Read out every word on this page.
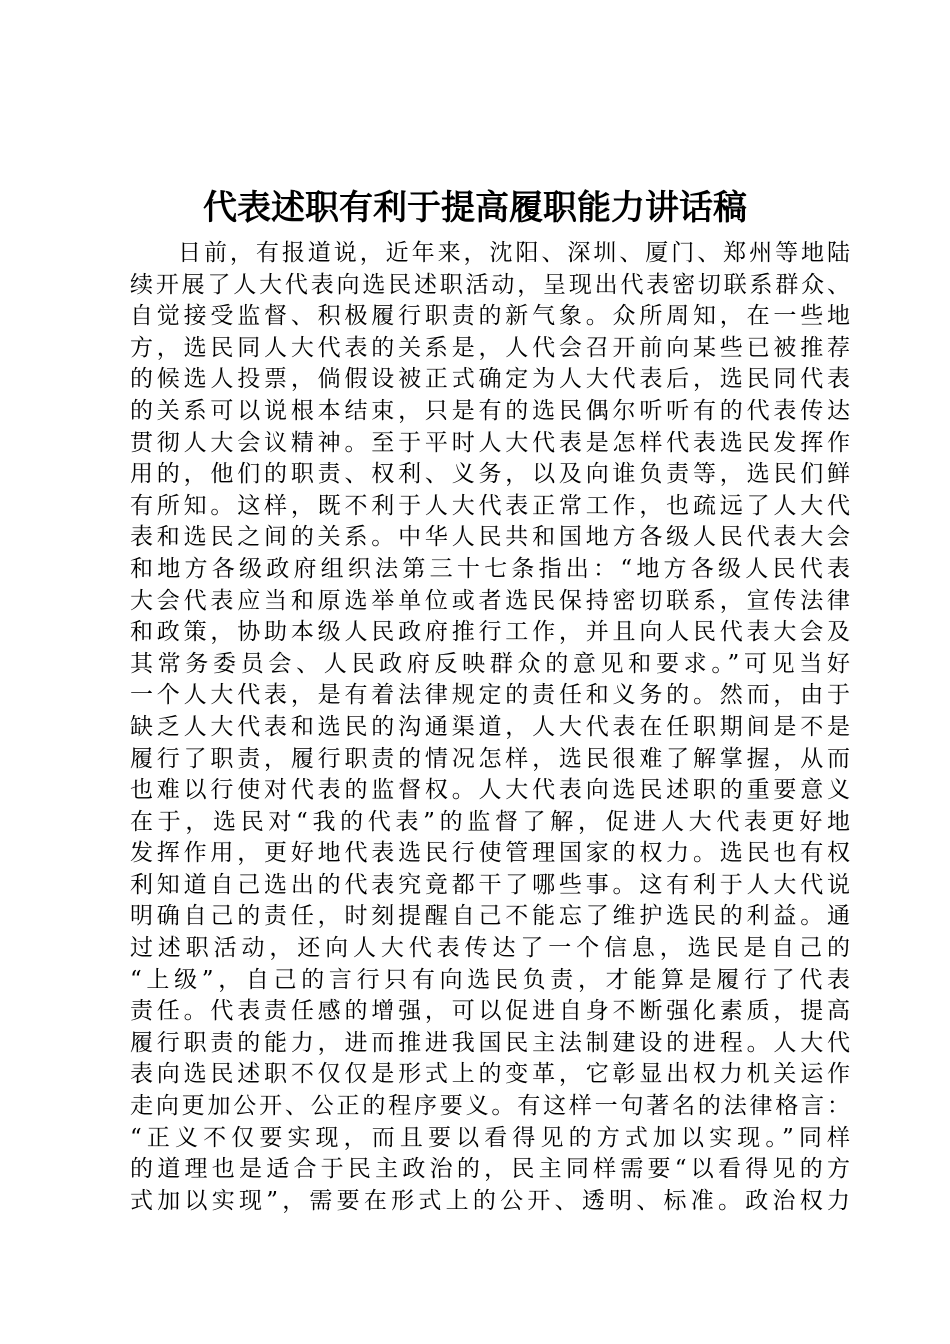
代表述职有利于提高履职能力讲话稿
日前，有报道说，近年来，沈阳、深圳、厦门、郑州等地陆
续开展了人大代表向选民述职活动，呈现出代表密切联系群众、
自觉接受监督、积极履行职责的新气象。众所周知，在一些地
方，选民同人大代表的关系是，人代会召开前向某些已被推荐
的候选人投票，倘假设被正式确定为人大代表后，选民同代表
的关系可以说根本结束，只是有的选民偶尔听听有的代表传达
贯彻人大会议精神。至于平时人大代表是怎样代表选民发挥作
用的，他们的职责、权利、义务，以及向谁负责等，选民们鲜
有所知。这样，既不利于人大代表正常工作，也疏远了人大代
表和选民之间的关系。中华人民共和国地方各级人民代表大会
和地方各级政府组织法第三十七条指出：“地方各级人民代表
大会代表应当和原选举单位或者选民保持密切联系，宣传法律
和政策，协助本级人民政府推行工作，并且向人民代表大会及
其常务委员会、人民政府反映群众的意见和要求。”可见当好
一个人大代表，是有着法律规定的责任和义务的。然而，由于
缺乏人大代表和选民的沟通渠道，人大代表在任职期间是不是
履行了职责，履行职责的情况怎样，选民很难了解掌握，从而
也难以行使对代表的监督权。人大代表向选民述职的重要意义
在于，选民对“我的代表”的监督了解，促进人大代表更好地
发挥作用，更好地代表选民行使管理国家的权力。选民也有权
利知道自己选出的代表究竟都干了哪些事。这有利于人大代说
明确自己的责任，时刻提醒自己不能忘了维护选民的利益。通
过述职活动，还向人大代表传达了一个信息，选民是自己的
“上级”，自己的言行只有向选民负责，才能算是履行了代表
责任。代表责任感的增强，可以促进自身不断强化素质，提高
履行职责的能力，进而推进我国民主法制建设的进程。人大代
表向选民述职不仅仅是形式上的变革，它彰显出权力机关运作
走向更加公开、公正的程序要义。有这样一句著名的法律格言：
“正义不仅要实现，而且要以看得见的方式加以实现。”同样
的道理也是适合于民主政治的，民主同样需要“以看得见的方
式加以实现”，需要在形式上的公开、透明、标准。政治权力
